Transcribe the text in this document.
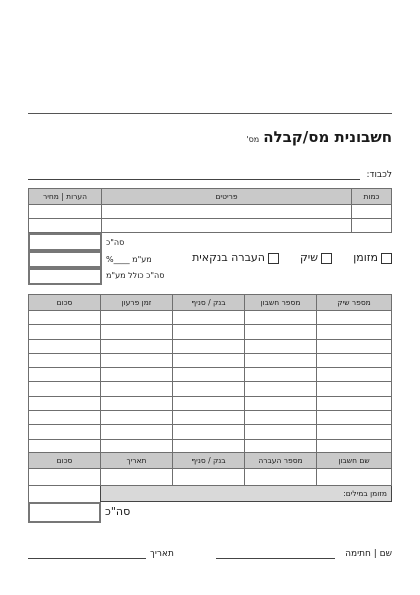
חשבונית מס/קבלהמס'
לכבוד:
כמות	פריטים	הערות | מחיר

סה"כ
מע"מ ____%
סה"כ כולל מע"מ
מזומן
שיק
העברה בנקאית
מספר שיק	מספר חשבון	בנק / סניף	זמן פרעון	סכום

שם חשבון	מספר העברה	בנק / סניף	תאריך	סכום

מזומן במילים:				
סה"כ
שם | חתימה
תאריך
